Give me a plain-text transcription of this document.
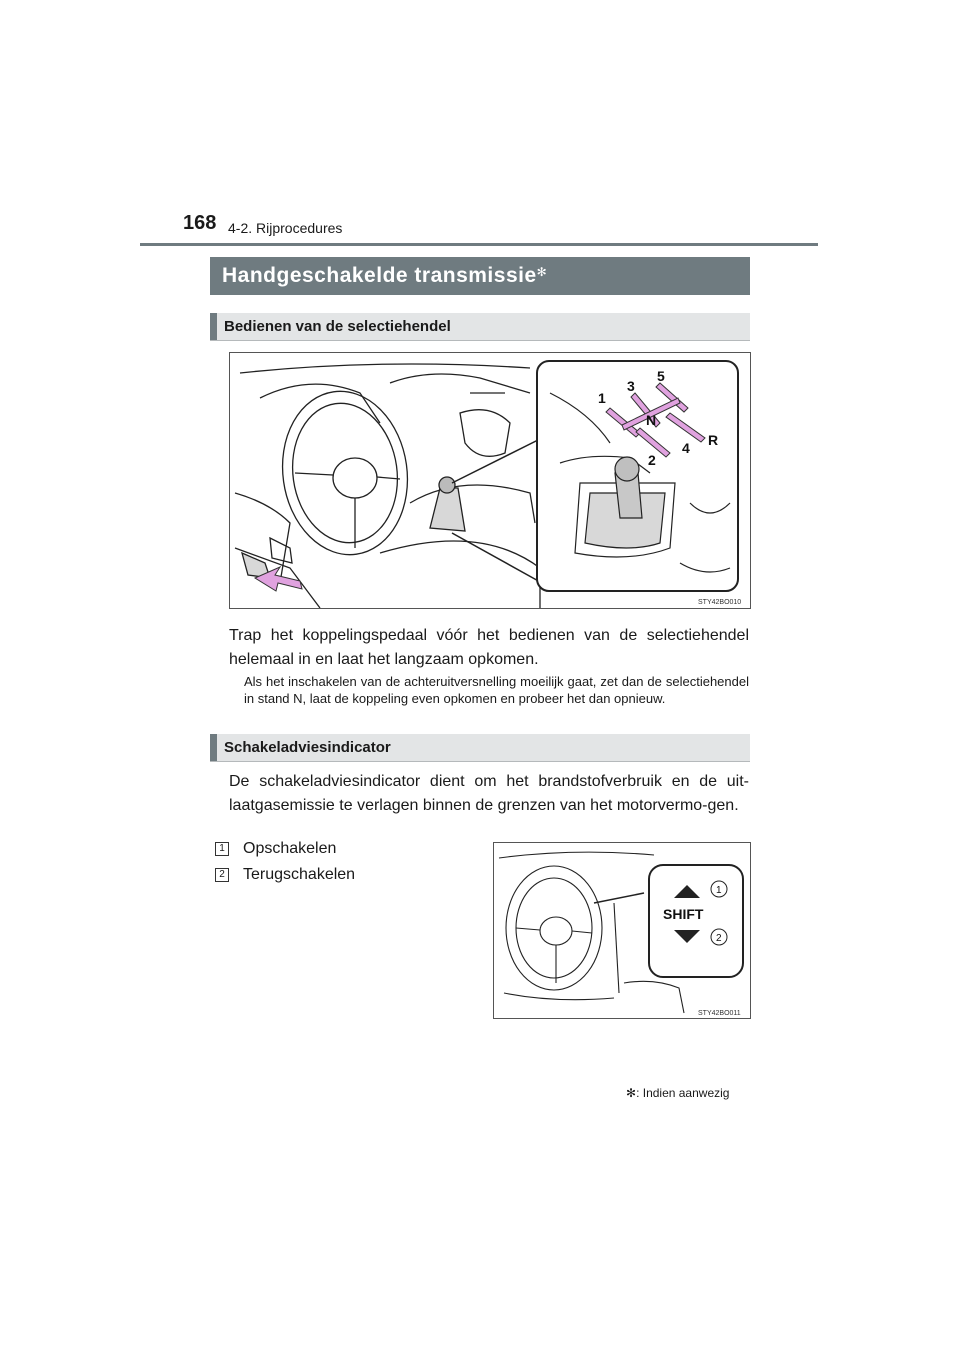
168 4-2. Rijprocedures
Handgeschakelde transmissie✻
Bedienen van de selectiehendel
1
3
5
N
2
4 R
STY42BO010
Trap het koppelingspedaal vóór het bedienen van de selectiehendel helemaal in en laat het langzaam opkomen.
Als het inschakelen van de achteruitversnelling moeilijk gaat, zet dan de selectiehendel in stand N, laat de koppeling even opkomen en probeer het dan opnieuw.
Schakeladviesindicator
De schakeladviesindicator dient om het brandstofverbruik en de uit-laatgasemissie te verlagen binnen de grenzen van het motorvermo-gen.
1 Opschakelen
2 Terugschakelen
SHIFT
1
2
STY42BO011
✻: Indien aanwezig
